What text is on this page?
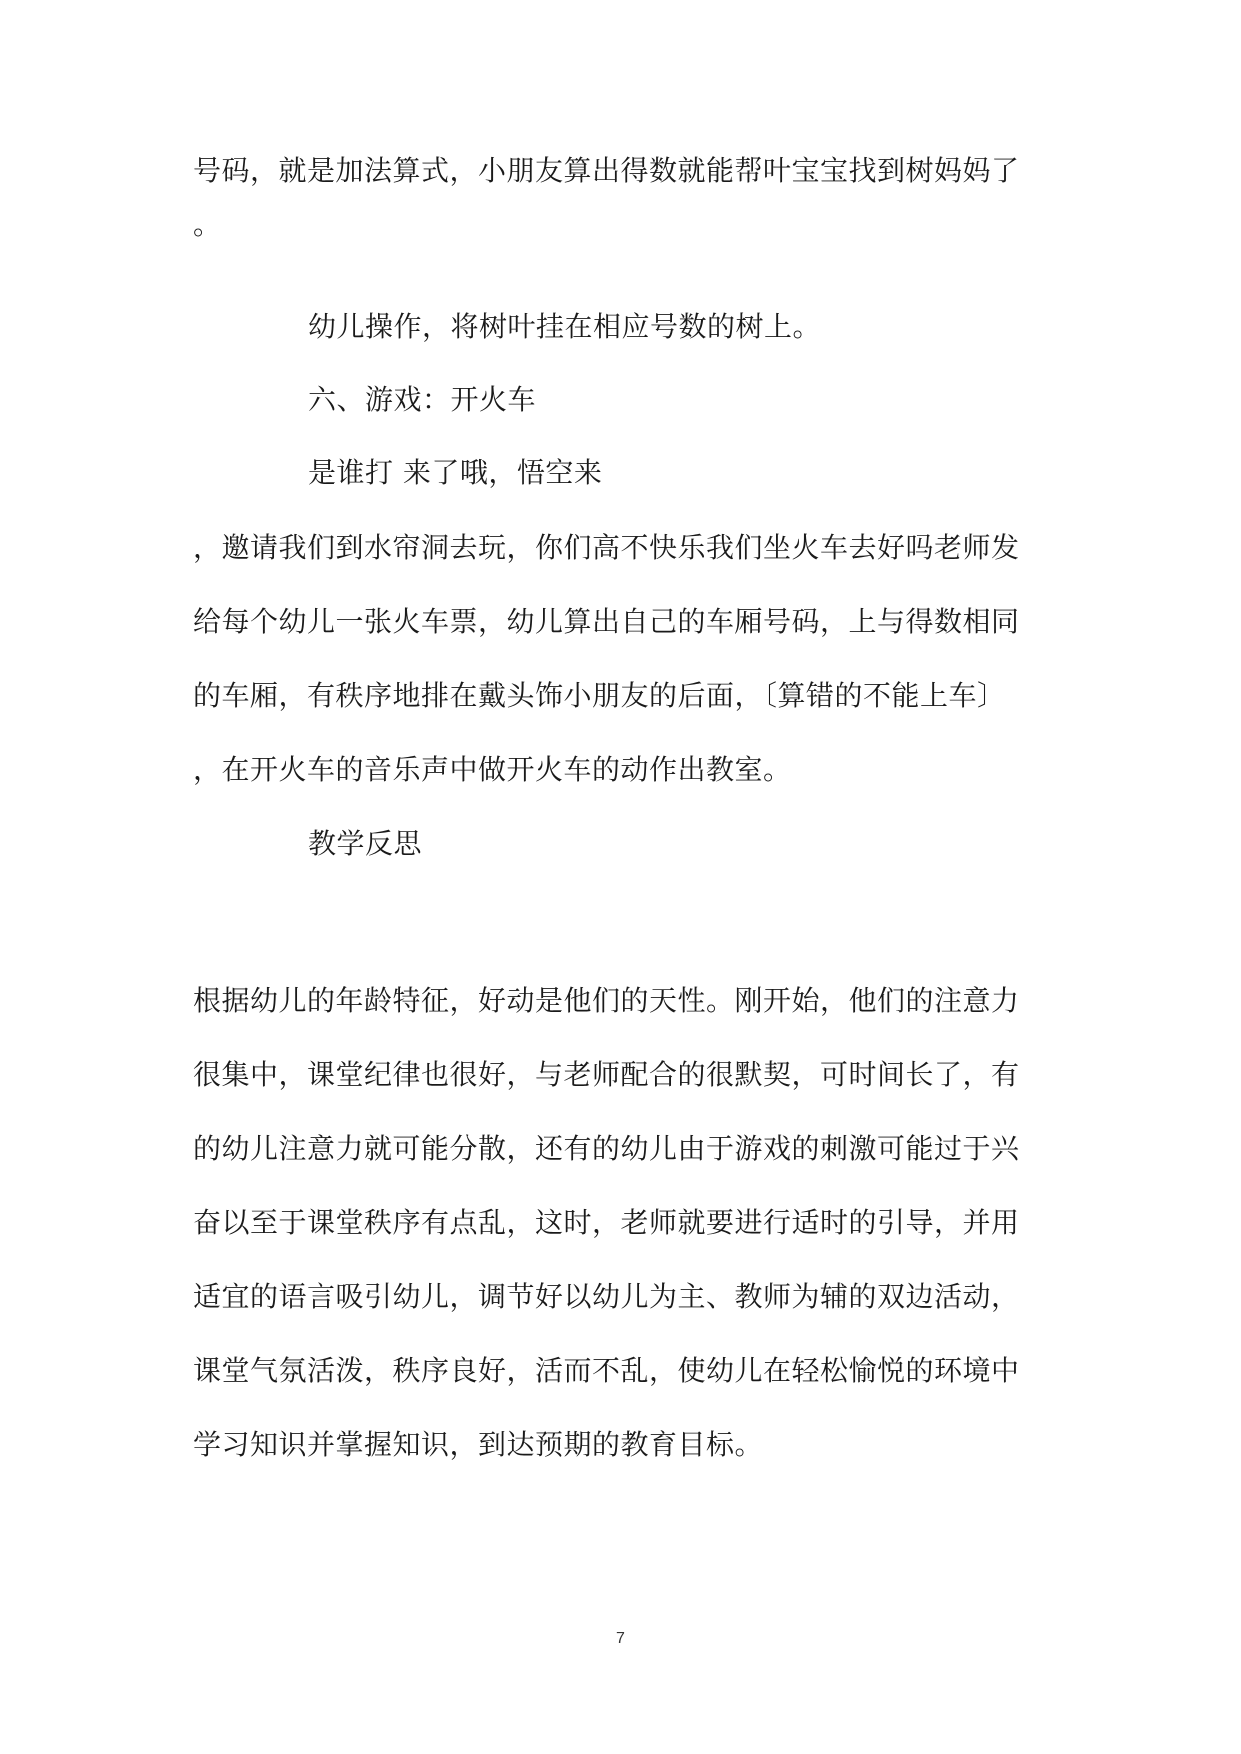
号码，就是加法算式，小朋友算出得数就能帮叶宝宝找到树妈妈了
。
幼儿操作，将树叶挂在相应号数的树上。
六、游戏：开火车
是谁打 来了哦，悟空来
，邀请我们到水帘洞去玩，你们高不快乐我们坐火车去好吗老师发
给每个幼儿一张火车票，幼儿算出自己的车厢号码，上与得数相同
的车厢，有秩序地排在戴头饰小朋友的后面，〔算错的不能上车〕
，在开火车的音乐声中做开火车的动作出教室。
教学反思
根据幼儿的年龄特征，好动是他们的天性。刚开始，他们的注意力
很集中，课堂纪律也很好，与老师配合的很默契，可时间长了，有
的幼儿注意力就可能分散，还有的幼儿由于游戏的刺激可能过于兴
奋以至于课堂秩序有点乱，这时，老师就要进行适时的引导，并用
适宜的语言吸引幼儿，调节好以幼儿为主、教师为辅的双边活动，
课堂气氛活泼，秩序良好，活而不乱，使幼儿在轻松愉悦的环境中
学习知识并掌握知识，到达预期的教育目标。
7
